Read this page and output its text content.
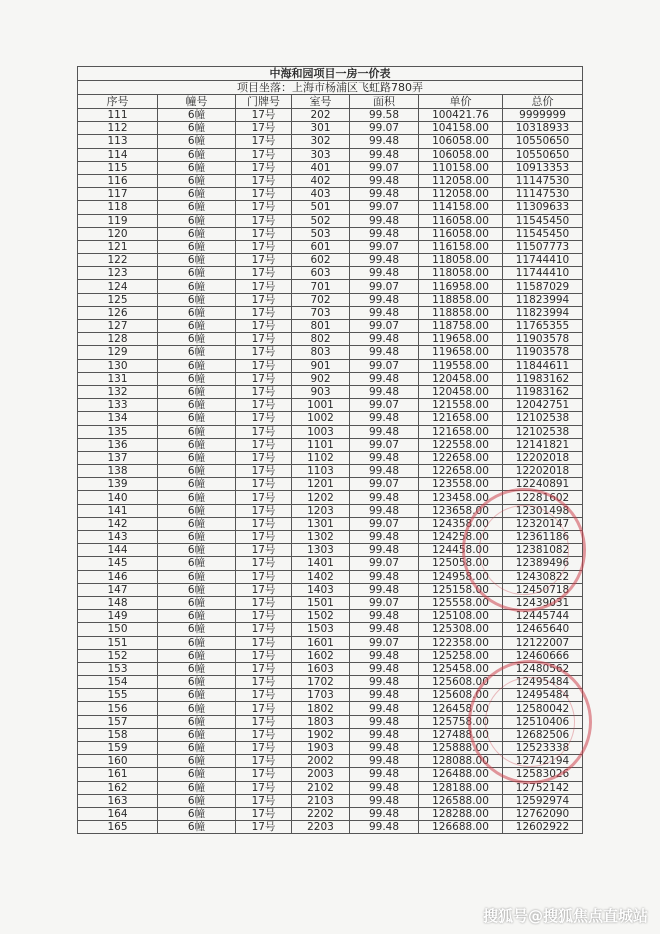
中海和园项目一房一价表						
项目坐落：上海市杨浦区飞虹路780弄						
序号	幢号	门牌号	室号	面积	单价	总价
111	6幢	17号	202	99.58	100421.76	9999999
112	6幢	17号	301	99.07	104158.00	10318933
113	6幢	17号	302	99.48	106058.00	10550650
114	6幢	17号	303	99.48	106058.00	10550650
115	6幢	17号	401	99.07	110158.00	10913353
116	6幢	17号	402	99.48	112058.00	11147530
117	6幢	17号	403	99.48	112058.00	11147530
118	6幢	17号	501	99.07	114158.00	11309633
119	6幢	17号	502	99.48	116058.00	11545450
120	6幢	17号	503	99.48	116058.00	11545450
121	6幢	17号	601	99.07	116158.00	11507773
122	6幢	17号	602	99.48	118058.00	11744410
123	6幢	17号	603	99.48	118058.00	11744410
124	6幢	17号	701	99.07	116958.00	11587029
125	6幢	17号	702	99.48	118858.00	11823994
126	6幢	17号	703	99.48	118858.00	11823994
127	6幢	17号	801	99.07	118758.00	11765355
128	6幢	17号	802	99.48	119658.00	11903578
129	6幢	17号	803	99.48	119658.00	11903578
130	6幢	17号	901	99.07	119558.00	11844611
131	6幢	17号	902	99.48	120458.00	11983162
132	6幢	17号	903	99.48	120458.00	11983162
133	6幢	17号	1001	99.07	121558.00	12042751
134	6幢	17号	1002	99.48	121658.00	12102538
135	6幢	17号	1003	99.48	121658.00	12102538
136	6幢	17号	1101	99.07	122558.00	12141821
137	6幢	17号	1102	99.48	122658.00	12202018
138	6幢	17号	1103	99.48	122658.00	12202018
139	6幢	17号	1201	99.07	123558.00	12240891
140	6幢	17号	1202	99.48	123458.00	12281602
141	6幢	17号	1203	99.48	123658.00	12301498
142	6幢	17号	1301	99.07	124358.00	12320147
143	6幢	17号	1302	99.48	124258.00	12361186
144	6幢	17号	1303	99.48	124458.00	12381082
145	6幢	17号	1401	99.07	125058.00	12389496
146	6幢	17号	1402	99.48	124958.00	12430822
147	6幢	17号	1403	99.48	125158.00	12450718
148	6幢	17号	1501	99.07	125558.00	12439031
149	6幢	17号	1502	99.48	125108.00	12445744
150	6幢	17号	1503	99.48	125308.00	12465640
151	6幢	17号	1601	99.07	122358.00	12122007
152	6幢	17号	1602	99.48	125258.00	12460666
153	6幢	17号	1603	99.48	125458.00	12480562
154	6幢	17号	1702	99.48	125608.00	12495484
155	6幢	17号	1703	99.48	125608.00	12495484
156	6幢	17号	1802	99.48	126458.00	12580042
157	6幢	17号	1803	99.48	125758.00	12510406
158	6幢	17号	1902	99.48	127488.00	12682506
159	6幢	17号	1903	99.48	125888.00	12523338
160	6幢	17号	2002	99.48	128088.00	12742194
161	6幢	17号	2003	99.48	126488.00	12583026
162	6幢	17号	2102	99.48	128188.00	12752142
163	6幢	17号	2103	99.48	126588.00	12592974
164	6幢	17号	2202	99.48	128288.00	12762090
165	6幢	17号	2203	99.48	126688.00	12602922
搜狐号@搜狐焦点直城站
